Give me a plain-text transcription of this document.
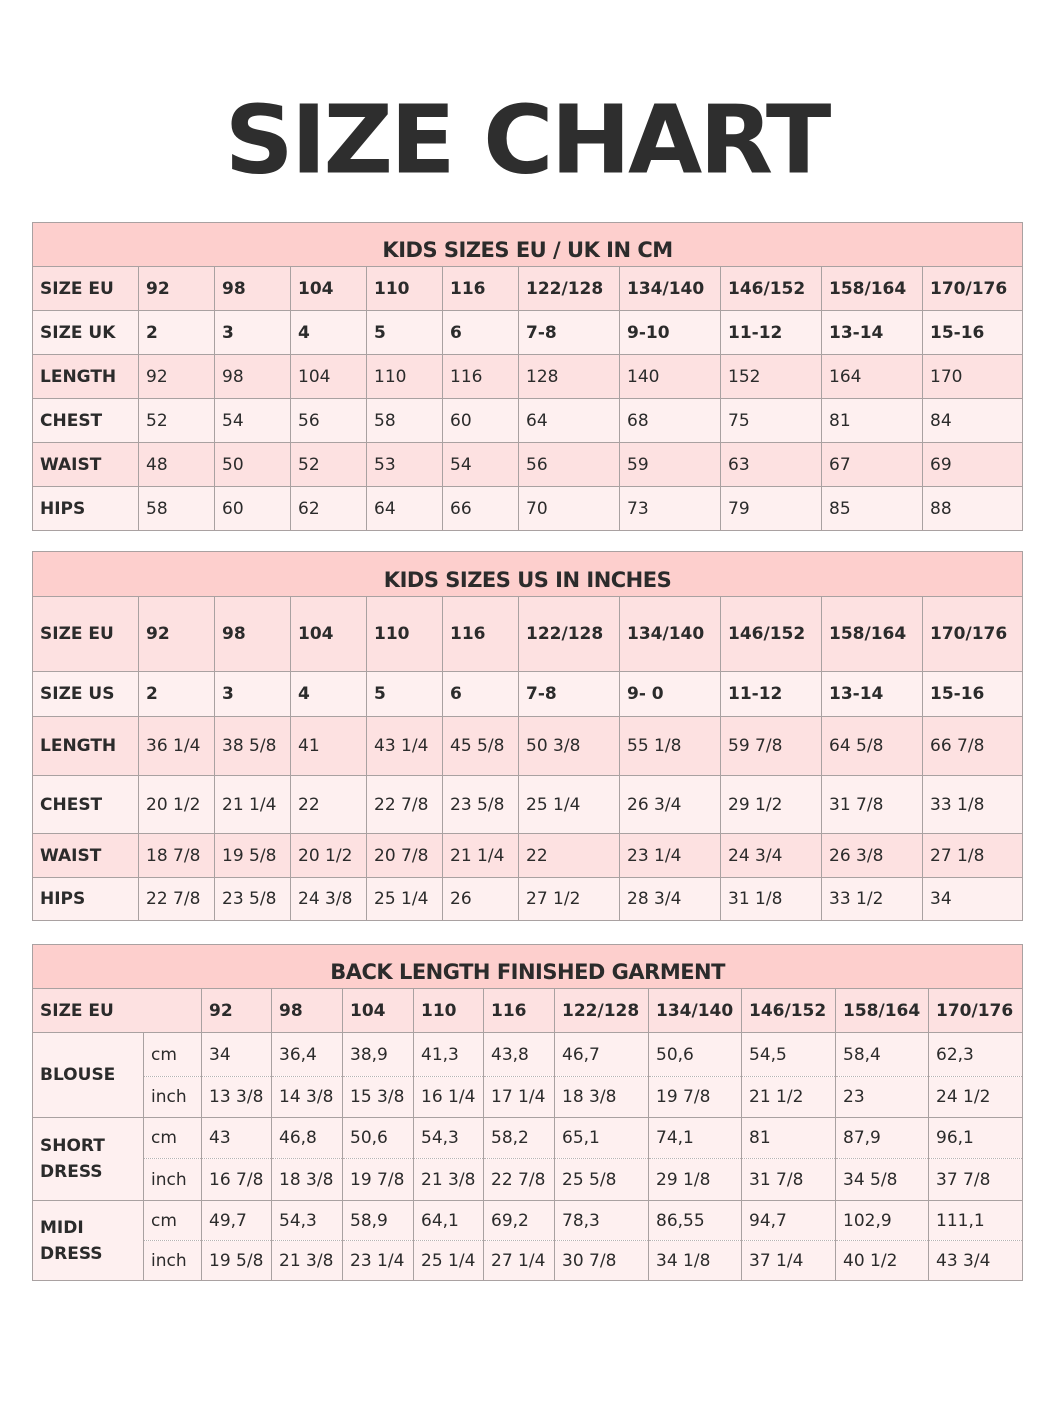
SIZE CHART
KIDS SIZES EU / UK IN CM										
SIZE EU	92	98	104	110	116	122/128	134/140	146/152	158/164	170/176
SIZE UK	2	3	4	5	6	7-8	9-10	11-12	13-14	15-16
LENGTH	92	98	104	110	116	128	140	152	164	170
CHEST	52	54	56	58	60	64	68	75	81	84
WAIST	48	50	52	53	54	56	59	63	67	69
HIPS	58	60	62	64	66	70	73	79	85	88
KIDS SIZES US IN INCHES										
SIZE EU	92	98	104	110	116	122/128	134/140	146/152	158/164	170/176
SIZE US	2	3	4	5	6	7-8	9- 0	11-12	13-14	15-16
LENGTH	36 1/4	38 5/8	41	43 1/4	45 5/8	50 3/8	55 1/8	59 7/8	64 5/8	66 7/8
CHEST	20 1/2	21 1/4	22	22 7/8	23 5/8	25 1/4	26 3/4	29 1/2	31 7/8	33 1/8
WAIST	18 7/8	19 5/8	20 1/2	20 7/8	21 1/4	22	23 1/4	24 3/4	26 3/8	27 1/8
HIPS	22 7/8	23 5/8	24 3/8	25 1/4	26	27 1/2	28 3/4	31 1/8	33 1/2	34
BACK LENGTH FINISHED GARMENT											
SIZE EU		92	98	104	110	116	122/128	134/140	146/152	158/164	170/176
BLOUSE	cm	34	36,4	38,9	41,3	43,8	46,7	50,6	54,5	58,4	62,3
	inch	13 3/8	14 3/8	15 3/8	16 1/4	17 1/4	18 3/8	19 7/8	21 1/2	23	24 1/2
SHORT DRESS	cm	43	46,8	50,6	54,3	58,2	65,1	74,1	81	87,9	96,1
	inch	16 7/8	18 3/8	19 7/8	21 3/8	22 7/8	25 5/8	29 1/8	31 7/8	34 5/8	37 7/8
MIDI DRESS	cm	49,7	54,3	58,9	64,1	69,2	78,3	86,55	94,7	102,9	111,1
	inch	19 5/8	21 3/8	23 1/4	25 1/4	27 1/4	30 7/8	34 1/8	37 1/4	40 1/2	43 3/4
